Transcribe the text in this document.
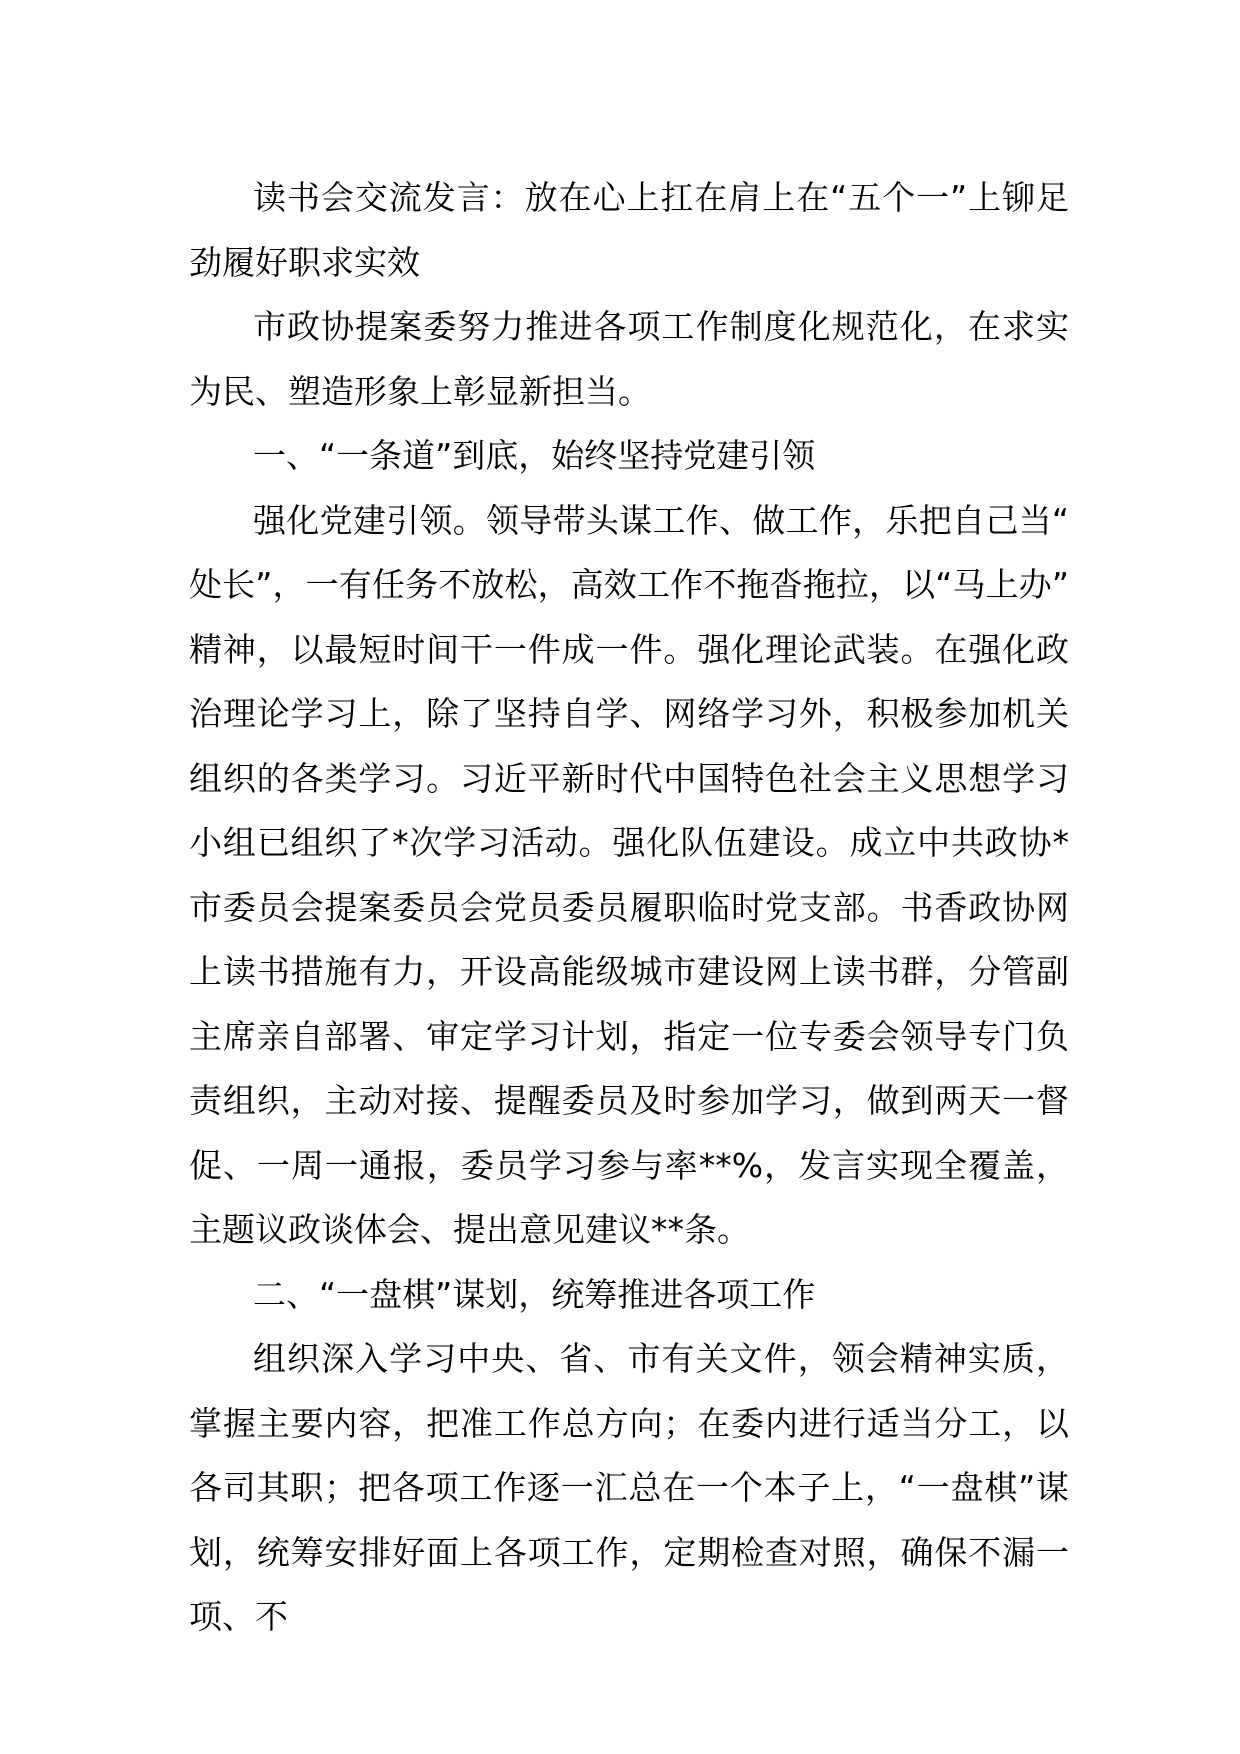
读书会交流发言：放在心上扛在肩上在“五个一”上铆足劲履好职求实效

市政协提案委努力推进各项工作制度化规范化，在求实为民、塑造形象上彰显新担当。

一、“一条道”到底，始终坚持党建引领

强化党建引领。领导带头谋工作、做工作，乐把自己当“处长”，一有任务不放松，高效工作不拖沓拖拉，以“马上办”精神，以最短时间干一件成一件。强化理论武装。在强化政治理论学习上，除了坚持自学、网络学习外，积极参加机关组织的各类学习。习近平新时代中国特色社会主义思想学习小组已组织了*次学习活动。强化队伍建设。成立中共政协*市委员会提案委员会党员委员履职临时党支部。书香政协网上读书措施有力，开设高能级城市建设网上读书群，分管副主席亲自部署、审定学习计划，指定一位专委会领导专门负责组织，主动对接、提醒委员及时参加学习，做到两天一督促、一周一通报，委员学习参与率**%，发言实现全覆盖，主题议政谈体会、提出意见建议**条。

二、“一盘棋”谋划，统筹推进各项工作

组织深入学习中央、省、市有关文件，领会精神实质，掌握主要内容，把准工作总方向；在委内进行适当分工，以各司其职；把各项工作逐一汇总在一个本子上，“一盘棋”谋划，统筹安排好面上各项工作，定期检查对照，确保不漏一项、不
